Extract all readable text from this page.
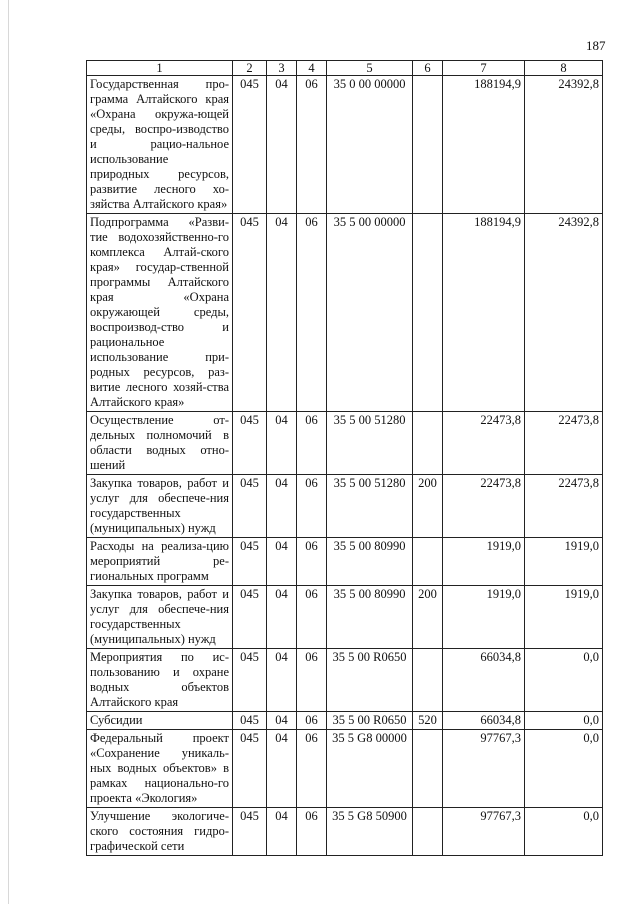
187
1	2	3	4	5	6	7	8
Государственная про-грамма Алтайского края «Охрана окружа-ющей среды, воспро-изводство и рацио-нальное использование природных ресурсов, развитие лесного хо-зяйства Алтайского края»	045	04	06	35 0 00 00000		188194,9	24392,8
Подпрограмма «Разви-тие водохозяйственно-го комплекса Алтай-ского края» государ-ственной программы Алтайского края «Охрана окружающей среды, воспроизвод-ство и рациональное использование при-родных ресурсов, раз-витие лесного хозяй-ства Алтайского края»	045	04	06	35 5 00 00000		188194,9	24392,8
Осуществление от-дельных полномочий в области водных отно-шений	045	04	06	35 5 00 51280		22473,8	22473,8
Закупка товаров, работ и услуг для обеспече-ния государственных (муниципальных) нужд	045	04	06	35 5 00 51280	200	22473,8	22473,8
Расходы на реализа-цию мероприятий ре-гиональных программ	045	04	06	35 5 00 80990		1919,0	1919,0
Закупка товаров, работ и услуг для обеспече-ния государственных (муниципальных) нужд	045	04	06	35 5 00 80990	200	1919,0	1919,0
Мероприятия по ис-пользованию и охране водных объектов Алтайского края	045	04	06	35 5 00 R0650		66034,8	0,0
Субсидии	045	04	06	35 5 00 R0650	520	66034,8	0,0
Федеральный проект «Сохранение уникаль-ных водных объектов» в рамках национально-го проекта «Экология»	045	04	06	35 5 G8 00000		97767,3	0,0
Улучшение экологиче-ского состояния гидро-графической сети	045	04	06	35 5 G8 50900		97767,3	0,0
